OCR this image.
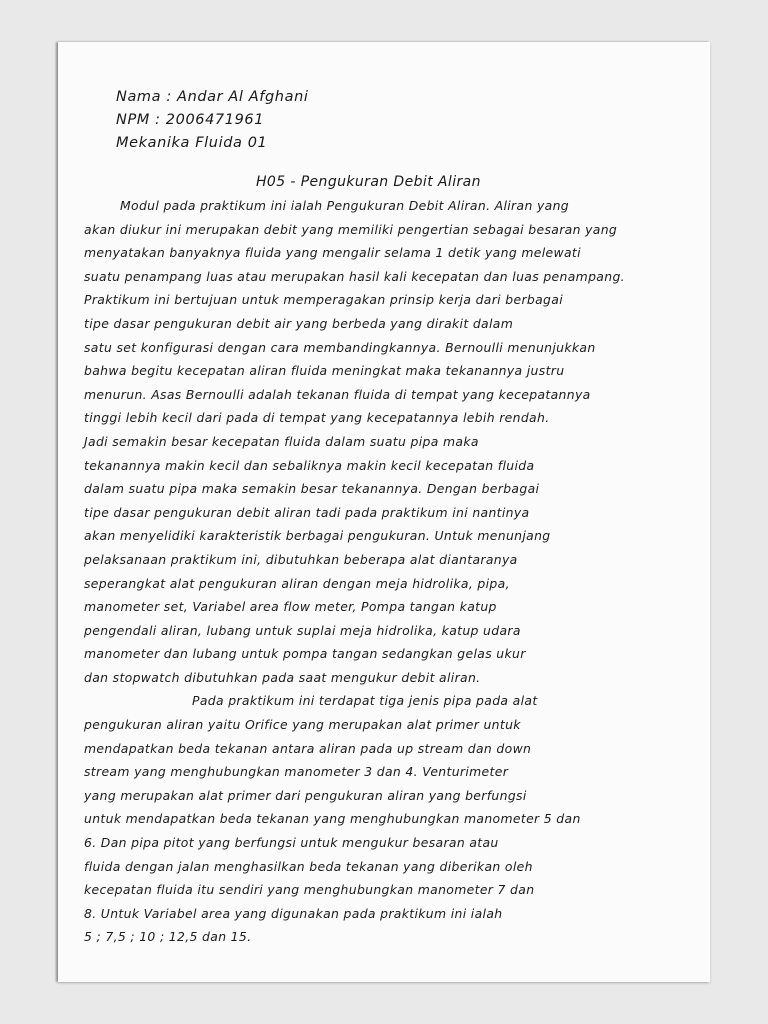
Nama : Andar Al Afghani
NPM : 2006471961
Mekanika Fluida 01
H05 - Pengukuran Debit Aliran
Modul pada praktikum ini ialah Pengukuran Debit Aliran. Aliran yang
akan diukur ini merupakan debit yang memiliki pengertian sebagai besaran yang
menyatakan banyaknya fluida yang mengalir selama 1 detik yang melewati
suatu penampang luas atau merupakan hasil kali kecepatan dan luas penampang.
Praktikum ini bertujuan untuk memperagakan prinsip kerja dari berbagai
tipe dasar pengukuran debit air yang berbeda yang dirakit dalam
satu set konfigurasi dengan cara membandingkannya. Bernoulli menunjukkan
bahwa begitu kecepatan aliran fluida meningkat maka tekanannya justru
menurun. Asas Bernoulli adalah tekanan fluida di tempat yang kecepatannya
tinggi lebih kecil dari pada di tempat yang kecepatannya lebih rendah.
Jadi semakin besar kecepatan fluida dalam suatu pipa maka
tekanannya makin kecil dan sebaliknya makin kecil kecepatan fluida
dalam suatu pipa maka semakin besar tekanannya. Dengan berbagai
tipe dasar pengukuran debit aliran tadi pada praktikum ini nantinya
akan menyelidiki karakteristik berbagai pengukuran. Untuk menunjang
pelaksanaan praktikum ini, dibutuhkan beberapa alat diantaranya
seperangkat alat pengukuran aliran dengan meja hidrolika, pipa,
manometer set, Variabel area flow meter, Pompa tangan katup
pengendali aliran, lubang untuk suplai meja hidrolika, katup udara
manometer dan lubang untuk pompa tangan sedangkan gelas ukur
dan stopwatch dibutuhkan pada saat mengukur debit aliran.
Pada praktikum ini terdapat tiga jenis pipa pada alat
pengukuran aliran yaitu Orifice yang merupakan alat primer untuk
mendapatkan beda tekanan antara aliran pada up stream dan down
stream yang menghubungkan manometer 3 dan 4. Venturimeter
yang merupakan alat primer dari pengukuran aliran yang berfungsi
untuk mendapatkan beda tekanan yang menghubungkan manometer 5 dan
6. Dan pipa pitot yang berfungsi untuk mengukur besaran atau
fluida dengan jalan menghasilkan beda tekanan yang diberikan oleh
kecepatan fluida itu sendiri yang menghubungkan manometer 7 dan
8. Untuk Variabel area yang digunakan pada praktikum ini ialah
5 ; 7,5 ; 10 ; 12,5 dan 15.
